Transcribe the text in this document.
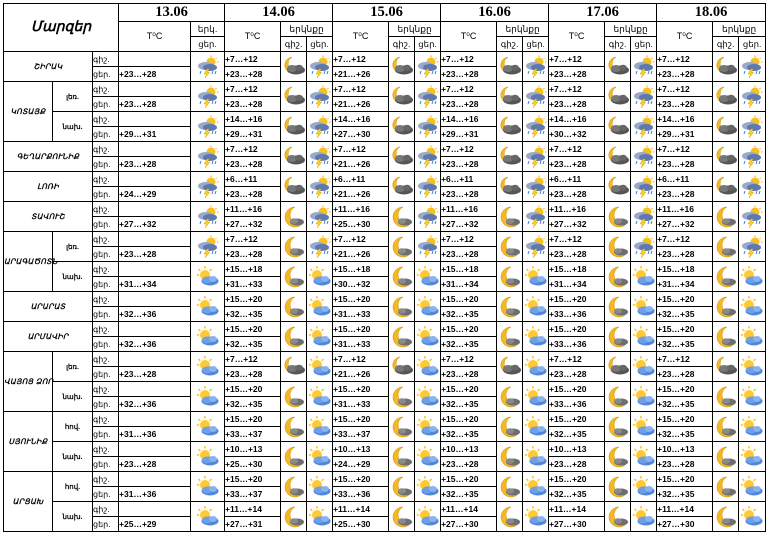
Մարզեր			13.06		14.06			15.06			16.06			17.06			18.06		
			T⁰C	երկ.	T⁰C	երկնքը		T⁰C	երկնքը		T⁰C	երկնքը		T⁰C	երկնքը		T⁰C	երկնքը	
				ցեր.		գիշ.	ցեր.		գիշ.	ցեր.		գիշ.	ցեր.		գիշ.	ցեր.		գիշ.	ցեր.
ՇԻՐԱԿ		գիշ.			+7…+12			+7…+12			+7…+12			+7…+12			+7…+12	

		ցեր.	+23…+28		+23…+28			+21…+26			+23…+28			+23…+28			+23…+28		
ԿՈՏԱՅՔ	լեռ.	գիշ.			+7…+12			+7…+12			+7…+12			+7…+12			+7…+12	

		ցեր.	+23…+28		+23…+28			+21…+26			+23…+28			+23…+28			+23…+28		
	նախ.	գիշ.			+14…+16			+14…+16			+14…+16			+14…+16			+14…+16	

		ցեր.	+29…+31		+29…+31			+27…+30			+29…+31			+30…+32			+29…+31		
ԳԵՂԱՐՔՈՒՆԻՔ		գիշ.			+7…+12			+7…+12			+7…+12			+7…+12			+7…+12	

		ցեր.	+23…+28		+23…+28			+21…+26			+23…+28			+23…+28			+23…+28		
ԼՈՌԻ		գիշ.			+6…+11			+6…+11			+6…+11			+6…+11			+6…+11	

		ցեր.	+24…+29		+23…+28			+21…+26			+23…+28			+23…+28			+23…+28		
ՏԱՎՈՒՇ		գիշ.			+11…+16			+11…+16			+11…+16			+11…+16			+11…+16	

		ցեր.	+27…+32		+27…+32			+25…+30			+27…+32			+27…+32			+27…+32		
ԱՐԱԳԱԾՈՏՆ	լեռ.	գիշ.			+7…+12			+7…+12			+7…+12			+7…+12			+7…+12	

		ցեր.	+23…+28		+23…+28			+21…+26			+23…+28			+23…+28			+23…+28		
	նախ.	գիշ.			+15…+18			+15…+18			+15…+18			+15…+18			+15…+18	

		ցեր.	+31…+34		+31…+33			+30…+32			+31…+34			+31…+34			+31…+34		
ԱՐԱՐԱՏ		գիշ.			+15…+20			+15…+20			+15…+20			+15…+20			+15…+20	

		ցեր.	+32…+36		+32…+35			+31…+33			+32…+35			+33…+36			+32…+35		
ԱՐՄԱՎԻՐ		գիշ.			+15…+20			+15…+20			+15…+20			+15…+20			+15…+20	

		ցեր.	+32…+36		+32…+35			+31…+33			+32…+35			+33…+36			+32…+35		
ՎԱՅՈՑ ՁՈՐ	լեռ.	գիշ.			+7…+12			+7…+12			+7…+12			+7…+12			+7…+12	

		ցեր.	+23…+28		+23…+28			+21…+26			+23…+28			+23…+28			+23…+28		
	նախ.	գիշ.			+15…+20			+15…+20			+15…+20			+15…+20			+15…+20	

		ցեր.	+32…+36		+32…+35			+31…+33			+32…+35			+33…+36			+32…+35		
ՍՅՈՒՆԻՔ	հով.	գիշ.			+15…+20			+15…+20			+15…+20			+15…+20			+15…+20	

		ցեր.	+31…+36		+33…+37			+33…+37			+32…+35			+32…+35			+32…+35		
	նախ.	գիշ.			+10…+13			+10…+13			+10…+13			+10…+13			+10…+13	

		ցեր.	+23…+28		+25…+30			+24…+29			+23…+28			+23…+28			+23…+28		
ԱՐՑԱԽ	հով.	գիշ.			+15…+20			+15…+20			+15…+20			+15…+20			+15…+20	

		ցեր.	+31…+36		+33…+37			+33…+36			+32…+35			+32…+35			+32…+35		
	նախ.	գիշ.			+11…+14			+11…+14			+11…+14			+11…+14			+11…+14	

		ցեր.	+25…+29		+27…+31			+25…+30			+27…+30			+27…+30			+27…+30		
